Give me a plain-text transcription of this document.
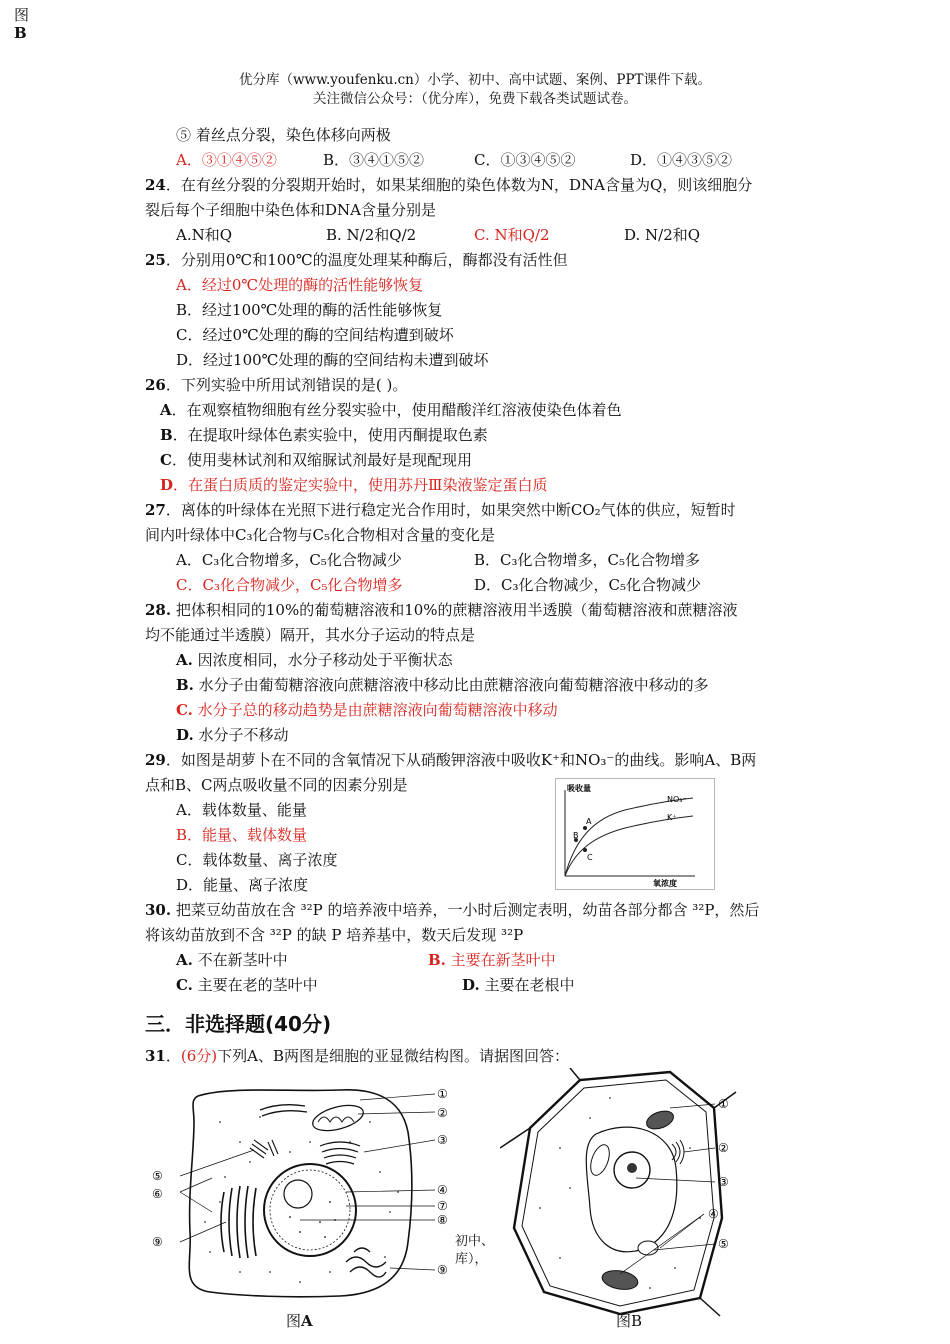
图
B
优分库（www.youfenku.cn）小学、初中、高中试题、案例、PPT课件下载。
关注微信公众号：（优分库），免费下载各类试题试卷。
⑤ 着丝点分裂，染色体移向两极
A．③①④⑤②	B．③④①⑤②	C．①③④⑤②	D．①④③⑤②
24．在有丝分裂的分裂期开始时，如果某细胞的染色体数为N，DNA含量为Q，则该细胞分
裂后每个子细胞中染色体和DNA含量分别是
A.N和Q	B. N/2和Q/2	C. N和Q/2	D. N/2和Q
25．分别用0℃和100℃的温度处理某种酶后，酶都没有活性但
A．经过0℃处理的酶的活性能够恢复
B．经过100℃处理的酶的活性能够恢复
C．经过0℃处理的酶的空间结构遭到破坏
D．经过100℃处理的酶的空间结构未遭到破坏
26．下列实验中所用试剂错误的是( )。
A．在观察植物细胞有丝分裂实验中，使用醋酸洋红溶液使染色体着色
B．在提取叶绿体色素实验中，使用丙酮提取色素
C．使用斐林试剂和双缩脲试剂最好是现配现用
D．在蛋白质质的鉴定实验中，使用苏丹Ⅲ染液鉴定蛋白质
27．离体的叶绿体在光照下进行稳定光合作用时，如果突然中断CO₂气体的供应，短暂时
间内叶绿体中C₃化合物与C₅化合物相对含量的变化是
A．C₃化合物增多，C₅化合物减少	B．C₃化合物增多，C₅化合物增多
C．C₃化合物减少，C₅化合物增多	D．C₃化合物减少，C₅化合物减少
28. 把体积相同的10%的葡萄糖溶液和10%的蔗糖溶液用半透膜（葡萄糖溶液和蔗糖溶液
均不能通过半透膜）隔开，其水分子运动的特点是
A. 因浓度相同，水分子移动处于平衡状态
B. 水分子由葡萄糖溶液向蔗糖溶液中移动比由蔗糖溶液向葡萄糖溶液中移动的多
C. 水分子总的移动趋势是由蔗糖溶液向葡萄糖溶液中移动
D. 水分子不移动
29．如图是胡萝卜在不同的含氧情况下从硝酸钾溶液中吸收K⁺和NO₃⁻的曲线。影响A、B两
点和B、C两点吸收量不同的因素分别是
A．载体数量、能量
B．能量、载体数量
C．载体数量、离子浓度
D．能量、离子浓度
吸收量
氧浓度
NO₃⁻
K⁺
A
B
C
30. 把菜豆幼苗放在含 ³²P 的培养液中培养，一小时后测定表明，幼苗各部分都含 ³²P，然后
将该幼苗放到不含 ³²P 的缺 P 培养基中，数天后发现 ³²P
A. 不在新茎叶中	B. 主要在新茎叶中
C. 主要在老的茎叶中	D. 主要在老根中
三．非选择题(40分)
31．(6分)下列A、B两图是细胞的亚显微结构图。请据图回答：
①
②
③
④
⑤
⑥
⑦
⑧
⑨
⑨
初中、
库），
①
②
③
④
⑤
图A	图B
